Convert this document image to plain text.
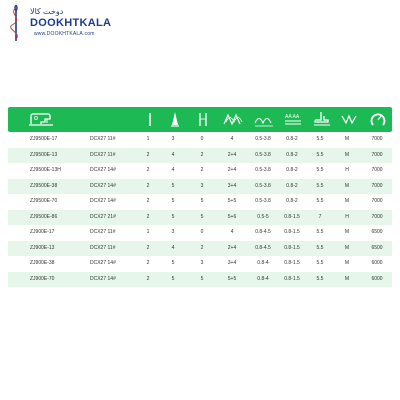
دوخت کالا
DOOKHTKALA
www.DOOKHTKALA.com
AA AA
ZJ9500E-17	DCX27 11#	1	3	0	4	0.5-3.8	0.8-2	5.5	M	7000
ZJ9500E-13	DCX27 11#	2	4	2	2+4	0.5-3.8	0.8-2	5.5	M	7000
ZJ9500E-13H	DCX27 14#	2	4	2	2+4	0.5-3.8	0.8-2	5.5	H	7000
ZJ9500E-38	DCX27 14#	2	5	3	3+4	0.5-3.8	0.8-2	5.5	M	7000
ZJ9500E-70	DCX27 14#	2	5	5	5+5	0.5-3.8	0.8-2	5.5	M	7000
ZJ9500E-86	DCX27 21#	2	5	5	5+6	0.5-5	0.8-1.5	7	H	7000
ZJ900E-17	DCX27 11#	1	3	0	4	0.8-4.5	0.8-1.5	5.5	M	6500
ZJ900E-13	DCX27 11#	2	4	2	2+4	0.8-4.5	0.8-1.5	5.5	M	6500
ZJ900E-38	DCX27 14#	2	5	3	3+4	0.8-4	0.8-1.5	5.5	M	6000
ZJ900E-70	DCX27 14#	2	5	5	5+5	0.8-4	0.8-1.5	5.5	M	6000
